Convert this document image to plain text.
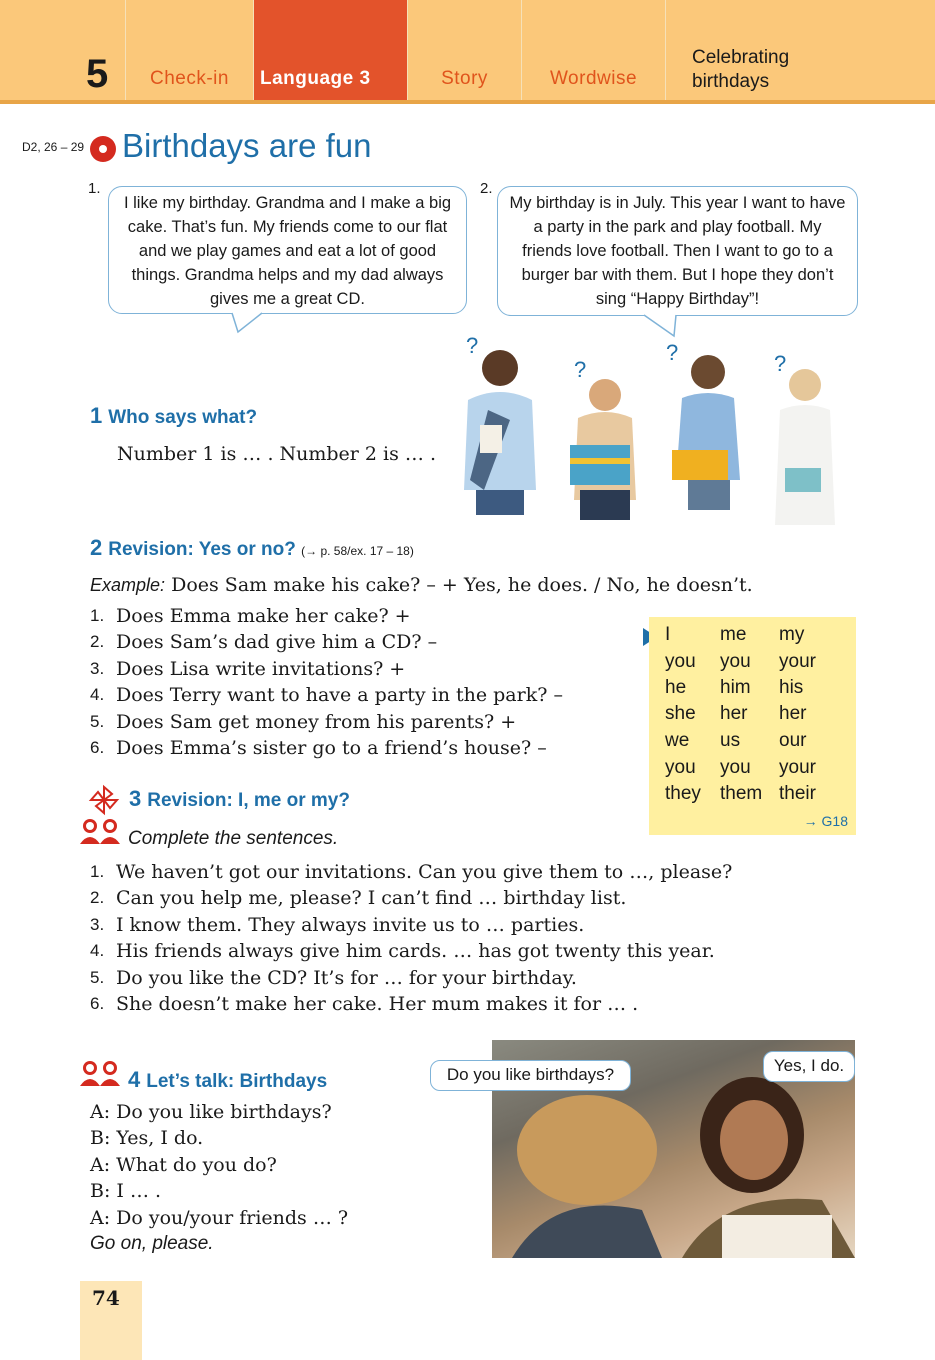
5	Check-in	Language 3	Story	Wordwise
Celebrating
birthdays
D2, 26 – 29 Birthdays are fun
1.
I like my birthday. Grandma and I make a big cake. That’s fun. My friends come to our flat and we play games and eat a lot of good things. Grandma helps and my dad always gives me a great CD.
2.
My birthday is in July. This year I want to have a party in the park and play football. My friends love football. Then I want to go to a burger bar with them. But I hope they don’t sing “Happy Birthday”!
?
?
?	?
1 Who says what?
Number 1 is … . Number 2 is … .
2 Revision: Yes or no? (→ p. 58/ex. 17 – 18)
Example: Does Sam make his cake? – + Yes, he does. / No, he doesn’t.
1. Does Emma make her cake? +
2. Does Sam’s dad give him a CD? –
3. Does Lisa write invitations? +
4. Does Terry want to have a party in the park? –
5. Does Sam get money from his parents? +
6. Does Emma’s sister go to a friend’s house? –
I	me my
you you your
he him his
she her her
we us our
you you your
they them their
→ G18
3 Revision: I, me or my?
Complete the sentences.
1. We haven’t got our invitations. Can you give them to …, please?
2. Can you help me, please? I can’t find … birthday list.
3. I know them. They always invite us to … parties.
4. His friends always give him cards. … has got twenty this year.
5. Do you like the CD? It’s for … for your birthday.
6. She doesn’t make her cake. Her mum makes it for … .
4 Let’s talk: Birthdays
A: Do you like birthdays?
B: Yes, I do.
A: What do you do?
B: I … .
A: Do you/your friends … ?
Go on, please.
Do you like birthdays?	Yes, I do.
74
